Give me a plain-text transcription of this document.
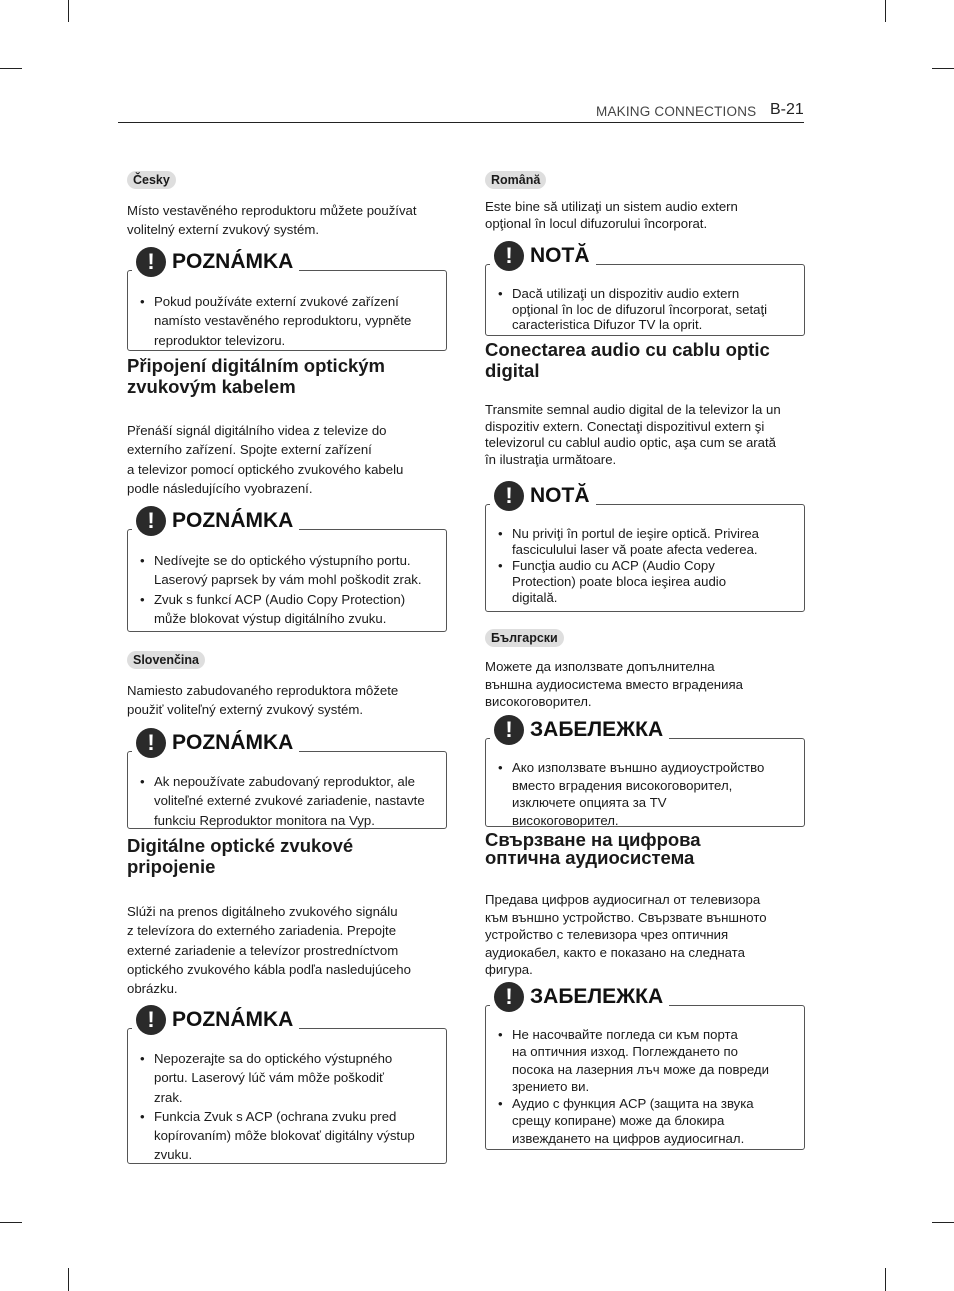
MAKING CONNECTIONS B-21
Česky

Místo vestavěného reproduktoru můžete používat
volitelný externí zvukový systém.

! POZNÁMKA
• Pokud používáte externí zvukové zařízení
namísto vestavěného reproduktoru, vypněte
reproduktor televizoru.

Připojení digitálním optickým
zvukovým kabelem

Přenáší signál digitálního videa z televize do
externího zařízení. Spojte externí zařízení
a televizor pomocí optického zvukového kabelu
podle následujícího vyobrazení.

! POZNÁMKA
• Nedívejte se do optického výstupního portu.
Laserový paprsek by vám mohl poškodit zrak.
• Zvuk s funkcí ACP (Audio Copy Protection)
může blokovat výstup digitálního zvuku.
Slovenčina

Namiesto zabudovaného reproduktora môžete
použiť voliteľný externý zvukový systém.

! POZNÁMKA
• Ak nepoužívate zabudovaný reproduktor, ale
voliteľné externé zvukové zariadenie, nastavte
funkciu Reproduktor monitora na Vyp.

Digitálne optické zvukové
pripojenie

Slúži na prenos digitálneho zvukového signálu
z televízora do externého zariadenia. Prepojte
externé zariadenie a televízor prostredníctvom
optického zvukového kábla podľa nasledujúceho
obrázku.

! POZNÁMKA
• Nepozerajte sa do optického výstupného
portu. Laserový lúč vám môže poškodiť
zrak.
• Funkcia Zvuk s ACP (ochrana zvuku pred
kopírovaním) môže blokovať digitálny výstup
zvuku.
Română

Este bine să utilizaţi un sistem audio extern
opţional în locul difuzorului încorporat.

! NOTĂ
• Dacă utilizaţi un dispozitiv audio extern
opţional în loc de difuzorul încorporat, setaţi
caracteristica Difuzor TV la oprit.

Conectarea audio cu cablu optic
digital

Transmite semnal audio digital de la televizor la un
dispozitiv extern. Conectaţi dispozitivul extern şi
televizorul cu cablul audio optic, aşa cum se arată
în ilustraţia următoare.

! NOTĂ
• Nu priviţi în portul de ieşire optică. Privirea
fasciculului laser vă poate afecta vederea.
• Funcţia audio cu ACP (Audio Copy
Protection) poate bloca ieşirea audio
digitală.
Български

Можете да използвате допълнителна
външна аудиосистема вместо вграденияа
високоговорител.

! ЗАБЕЛЕЖКА
• Ако използвате външно аудиоустройство
вместо вградения високоговорител,
изключете опцията за TV
високоговорител.

Свързване на цифрова
оптична аудиосистема

Предава цифров аудиосигнал от телевизора
към външно устройство. Свързвате външното
устройство с телевизора чрез оптичния
аудиокабел, както е показано на следната
фигура.

! ЗАБЕЛЕЖКА
• Не насочвайте погледа си към порта
на оптичния изход. Поглеждането по
посока на лазерния лъч може да повреди
зрението ви.
• Аудио с функция ACP (защита на звука
срещу копиране) може да блокира
извеждането на цифров аудиосигнал.
